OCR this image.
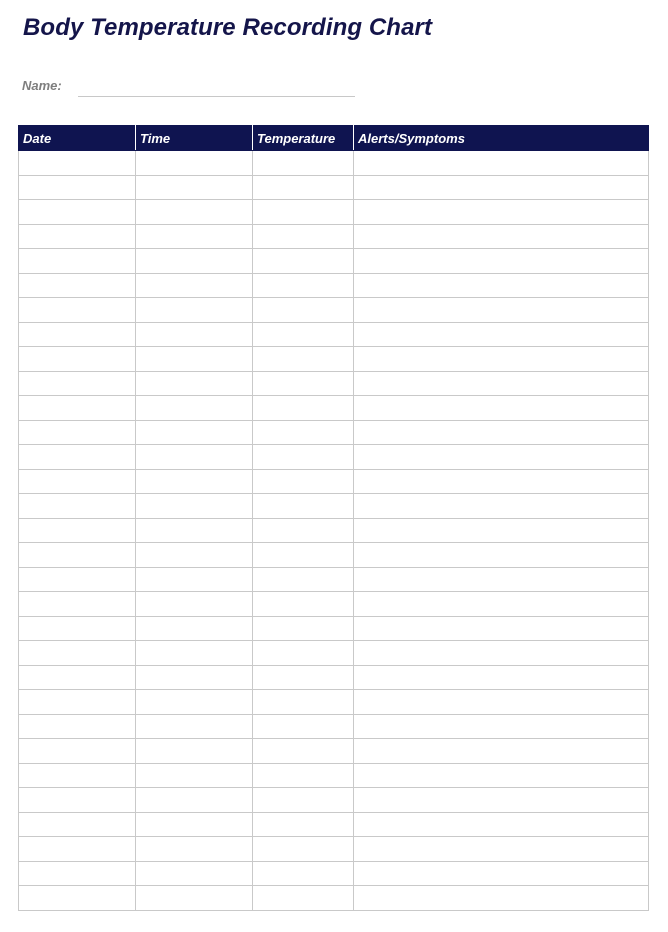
Body Temperature Recording Chart
Name:
Date	Time	Temperature	Alerts/Symptoms
